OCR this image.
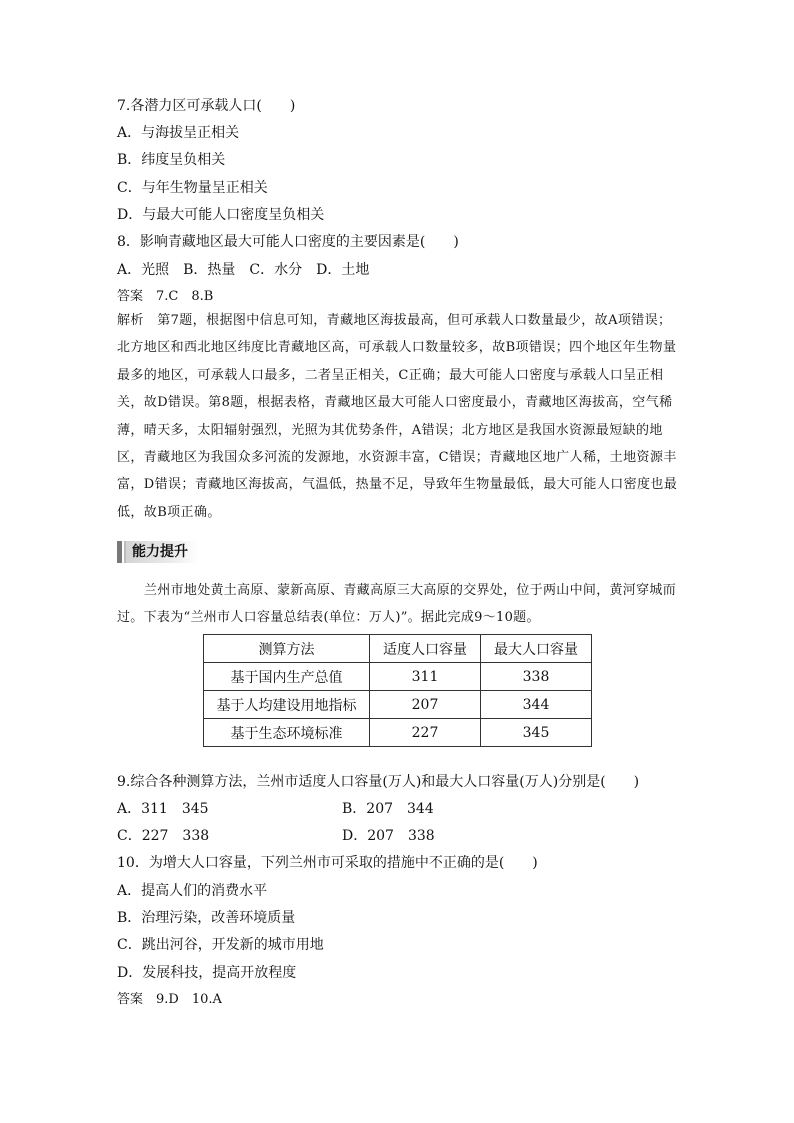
7.各潜力区可承载人口(　　)
A．与海拔呈正相关
B．纬度呈负相关
C．与年生物量呈正相关
D．与最大可能人口密度呈负相关
8．影响青藏地区最大可能人口密度的主要因素是(　　)
A．光照　B．热量　C．水分　D．土地
答案　7.C　8.B
解析　第7题，根据图中信息可知，青藏地区海拔最高，但可承载人口数量最少，故A项错误；北方地区和西北地区纬度比青藏地区高，可承载人口数量较多，故B项错误；四个地区年生物量最多的地区，可承载人口最多，二者呈正相关，C正确；最大可能人口密度与承载人口呈正相关，故D错误。第8题，根据表格，青藏地区最大可能人口密度最小，青藏地区海拔高，空气稀薄，晴天多，太阳辐射强烈，光照为其优势条件，A错误；北方地区是我国水资源最短缺的地区，青藏地区为我国众多河流的发源地，水资源丰富，C错误；青藏地区地广人稀，土地资源丰富，D错误；青藏地区海拔高，气温低，热量不足，导致年生物量最低，最大可能人口密度也最低，故B项正确。
能力提升
兰州市地处黄土高原、蒙新高原、青藏高原三大高原的交界处，位于两山中间，黄河穿城而过。下表为“兰州市人口容量总结表(单位：万人)”。据此完成9～10题。
测算方法	适度人口容量	最大人口容量
基于国内生产总值	311	338
基于人均建设用地指标	207	344
基于生态环境标准	227	345
9.综合各种测算方法，兰州市适度人口容量(万人)和最大人口容量(万人)分别是(　　)
A．311　345	B．207　344
C．227　338	D．207　338
10．为增大人口容量，下列兰州市可采取的措施中不正确的是(　　)
A．提高人们的消费水平
B．治理污染，改善环境质量
C．跳出河谷，开发新的城市用地
D．发展科技，提高开放程度
答案　9.D　10.A
